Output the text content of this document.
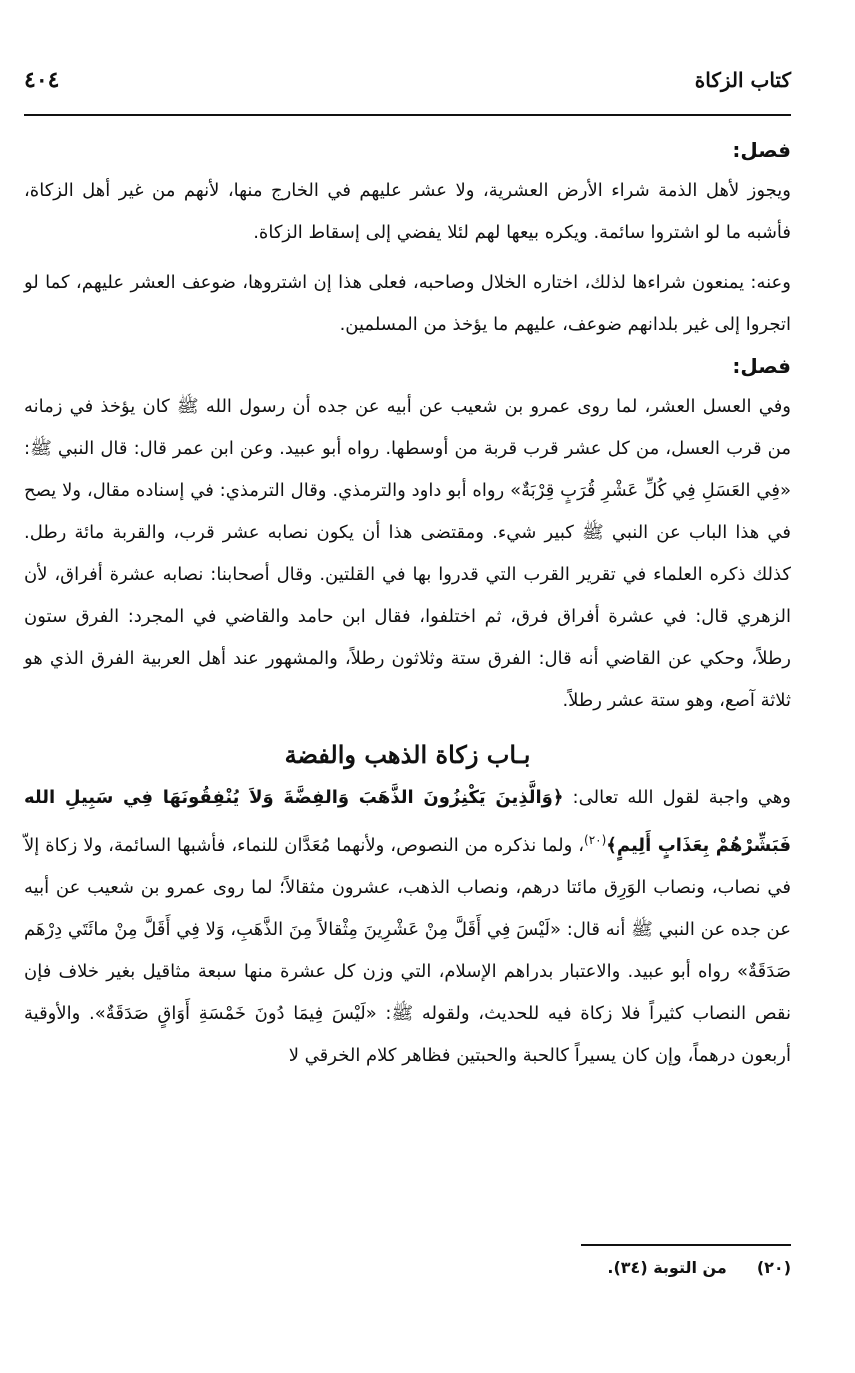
٤٠٤	كتاب الزكاة
فصل:

ويجوز لأهل الذمة شراء الأرض العشرية، ولا عشر عليهم في الخارج منها، لأنهم من غير أهل الزكاة، فأشبه ما لو اشتروا سائمة. ويكره بيعها لهم لئلا يفضي إلى إسقاط الزكاة.

وعنه: يمنعون شراءها لذلك، اختاره الخلال وصاحبه، فعلى هذا إن اشتروها، ضوعف العشر عليهم، كما لو اتجروا إلى غير بلدانهم ضوعف، عليهم ما يؤخذ من المسلمين.

فصل:

وفي العسل العشر، لما روى عمرو بن شعيب عن أبيه عن جده أن رسول الله ﷺ كان يؤخذ في زمانه من قرب العسل، من كل عشر قرب قربة من أوسطها. رواه أبو عبيد. وعن ابن عمر قال: قال النبي ﷺ: «فِي العَسَلِ فِي كُلِّ عَشْرِ قُرَبٍ قِرْبَةٌ» رواه أبو داود والترمذي. وقال الترمذي: في إسناده مقال، ولا يصح في هذا الباب عن النبي ﷺ كبير شيء. ومقتضى هذا أن يكون نصابه عشر قرب، والقربة مائة رطل. كذلك ذكره العلماء في تقرير القرب التي قدروا بها في القلتين. وقال أصحابنا: نصابه عشرة أفراق، لأن الزهري قال: في عشرة أفراق فرق، ثم اختلفوا، فقال ابن حامد والقاضي في المجرد: الفرق ستون رطلاً، وحكي عن القاضي أنه قال: الفرق ستة وثلاثون رطلاً، والمشهور عند أهل العربية الفرق الذي هو ثلاثة آصع، وهو ستة عشر رطلاً.

بـاب زكاة الذهب والفضة

وهي واجبة لقول الله تعالى: ﴿وَالَّذِينَ يَكْنِزُونَ الذَّهَبَ وَالفِضَّةَ وَلاَ يُنْفِقُونَهَا فِي سَبِيلِ الله فَبَشِّرْهُمْ بِعَذَابٍ أَلِيمٍ﴾$^{(٢٠)}$، ولما نذكره من النصوص، ولأنهما مُعَدَّان للنماء، فأشبها السائمة، ولا زكاة إلاّ في نصاب، ونصاب الوَرِق مائتا درهم، ونصاب الذهب، عشرون مثقالاً؛ لما روى عمرو بن شعيب عن أبيه عن جده عن النبي ﷺ أنه قال: «لَيْسَ فِي أَقَلَّ مِنْ عَشْرِينَ مِثْقالاً مِنَ الذَّهَبِ، وَلا فِي أَقَلَّ مِنْ مائَتَي دِرْهَم صَدَقَةٌ» رواه أبو عبيد. والاعتبار بدراهم الإسلام، التي وزن كل عشرة منها سبعة مثاقيل بغير خلاف فإن نقص النصاب كثيراً فلا زكاة فيه للحديث، ولقوله ﷺ: «لَيْسَ فِيمَا دُونَ خَمْسَةِ أَوَاقٍ صَدَقَةٌ». والأوقية أربعون درهماً، وإن كان يسيراً كالحبة والحبتين فظاهر كلام الخرقي لا

(٢٠)
من التوبة (٣٤).
